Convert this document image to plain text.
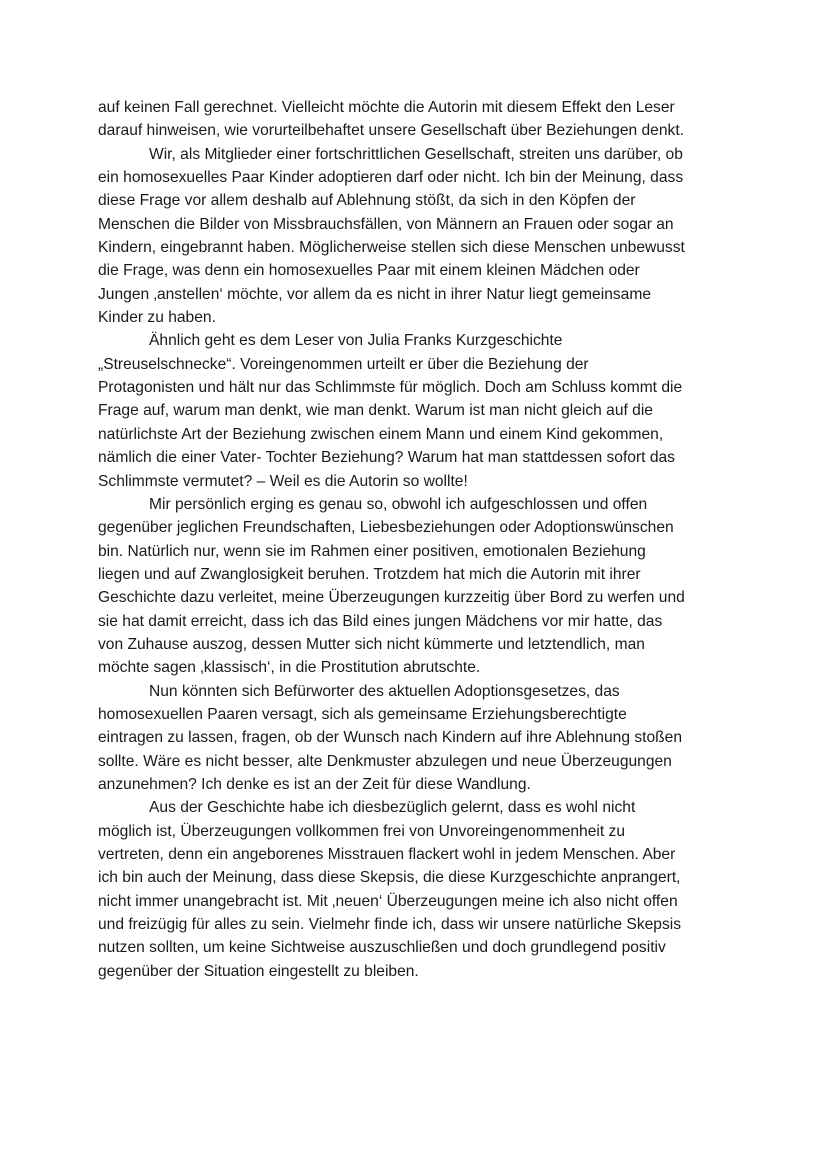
auf keinen Fall gerechnet. Vielleicht möchte die Autorin mit diesem Effekt den Leser
darauf hinweisen, wie vorurteilbehaftet unsere Gesellschaft über Beziehungen denkt.
Wir, als Mitglieder einer fortschrittlichen Gesellschaft, streiten uns darüber, ob
ein homosexuelles Paar Kinder adoptieren darf oder nicht. Ich bin der Meinung, dass
diese Frage vor allem deshalb auf Ablehnung stößt, da sich in den Köpfen der
Menschen die Bilder von Missbrauchsfällen, von Männern an Frauen oder sogar an
Kindern, eingebrannt haben. Möglicherweise stellen sich diese Menschen unbewusst
die Frage, was denn ein homosexuelles Paar mit einem kleinen Mädchen oder
Jungen ‚anstellen‘ möchte, vor allem da es nicht in ihrer Natur liegt gemeinsame
Kinder zu haben.
Ähnlich geht es dem Leser von Julia Franks Kurzgeschichte
„Streuselschnecke“. Voreingenommen urteilt er über die Beziehung der
Protagonisten und hält nur das Schlimmste für möglich. Doch am Schluss kommt die
Frage auf, warum man denkt, wie man denkt. Warum ist man nicht gleich auf die
natürlichste Art der Beziehung zwischen einem Mann und einem Kind gekommen,
nämlich die einer Vater- Tochter Beziehung? Warum hat man stattdessen sofort das
Schlimmste vermutet? – Weil es die Autorin so wollte!
Mir persönlich erging es genau so, obwohl ich aufgeschlossen und offen
gegenüber jeglichen Freundschaften, Liebesbeziehungen oder Adoptionswünschen
bin. Natürlich nur, wenn sie im Rahmen einer positiven, emotionalen Beziehung
liegen und auf Zwanglosigkeit beruhen. Trotzdem hat mich die Autorin mit ihrer
Geschichte dazu verleitet, meine Überzeugungen kurzzeitig über Bord zu werfen und
sie hat damit erreicht, dass ich das Bild eines jungen Mädchens vor mir hatte, das
von Zuhause auszog, dessen Mutter sich nicht kümmerte und letztendlich, man
möchte sagen ‚klassisch‘, in die Prostitution abrutschte.
Nun könnten sich Befürworter des aktuellen Adoptionsgesetzes, das
homosexuellen Paaren versagt, sich als gemeinsame Erziehungsberechtigte
eintragen zu lassen, fragen, ob der Wunsch nach Kindern auf ihre Ablehnung stoßen
sollte. Wäre es nicht besser, alte Denkmuster abzulegen und neue Überzeugungen
anzunehmen? Ich denke es ist an der Zeit für diese Wandlung.
Aus der Geschichte habe ich diesbezüglich gelernt, dass es wohl nicht
möglich ist, Überzeugungen vollkommen frei von Unvoreingenommenheit zu
vertreten, denn ein angeborenes Misstrauen flackert wohl in jedem Menschen. Aber
ich bin auch der Meinung, dass diese Skepsis, die diese Kurzgeschichte anprangert,
nicht immer unangebracht ist. Mit ‚neuen‘ Überzeugungen meine ich also nicht offen
und freizügig für alles zu sein. Vielmehr finde ich, dass wir unsere natürliche Skepsis
nutzen sollten, um keine Sichtweise auszuschließen und doch grundlegend positiv
gegenüber der Situation eingestellt zu bleiben.
